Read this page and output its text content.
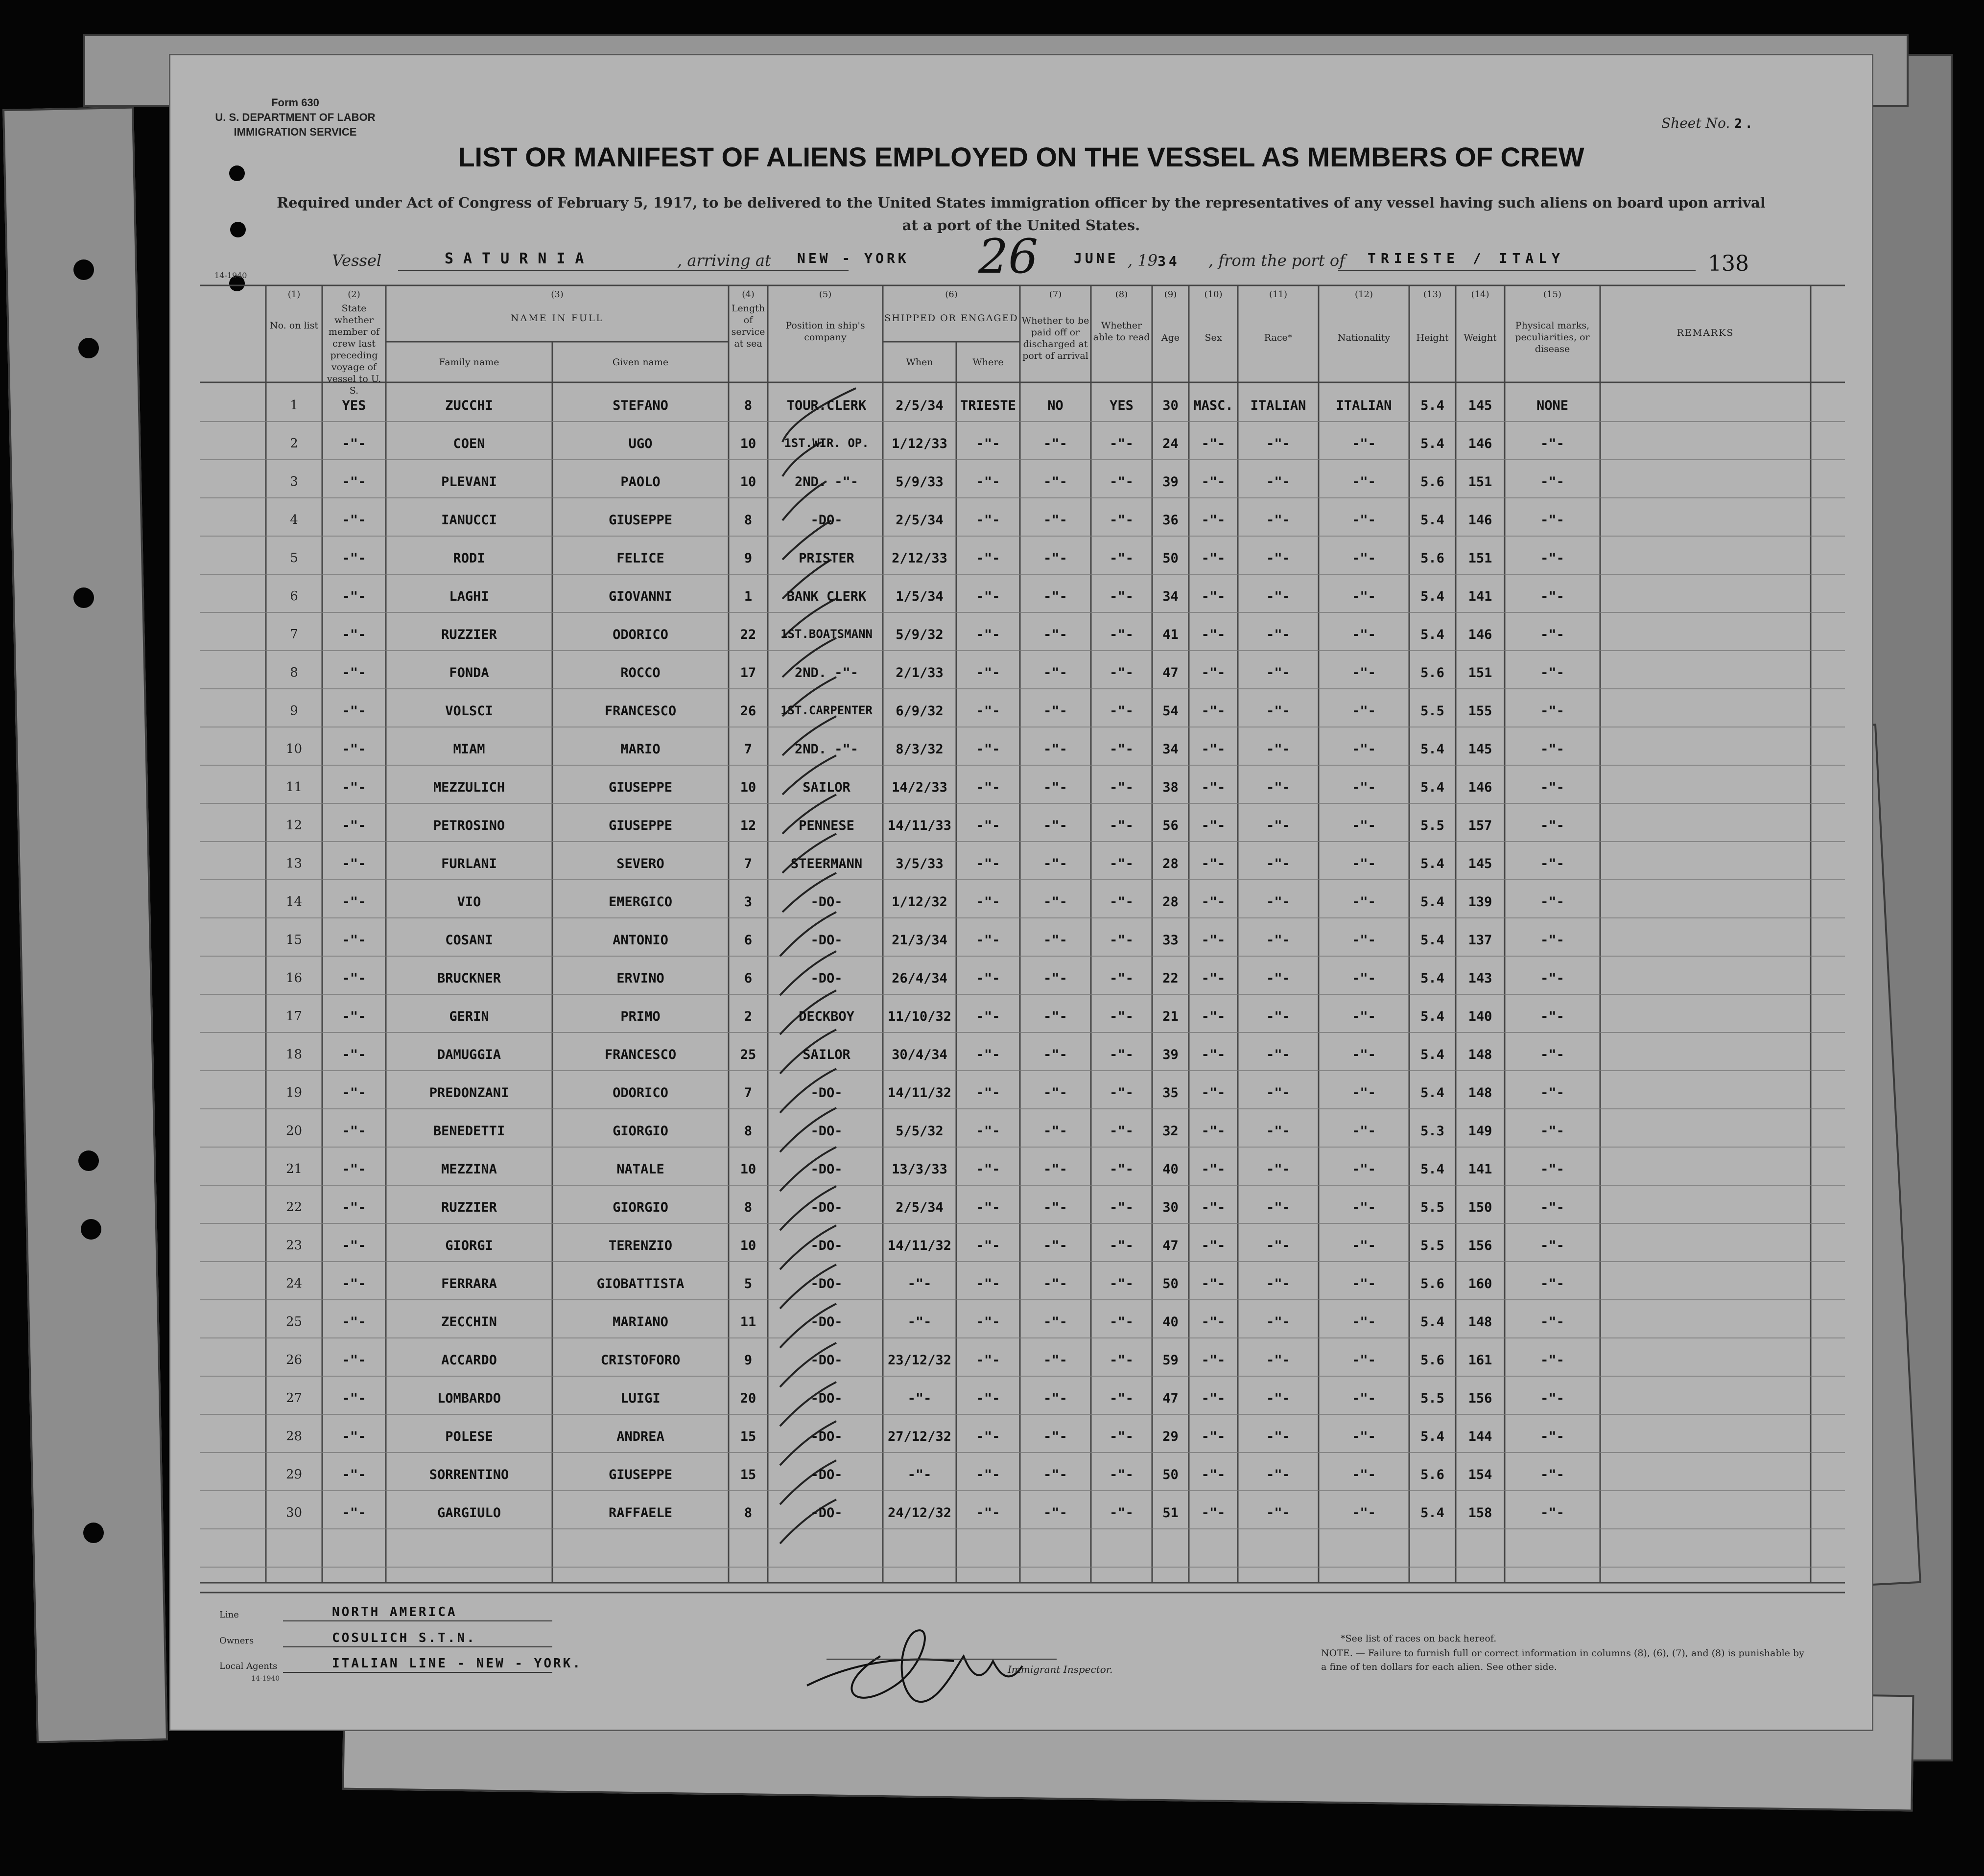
Form 630
U. S. DEPARTMENT OF LABOR
IMMIGRATION SERVICE
Sheet No. 2.
LIST OR MANIFEST OF ALIENS EMPLOYED ON THE VESSEL AS MEMBERS OF CREW
Required under Act of Congress of February 5, 1917, to be delivered to the United States immigration officer by the representatives of any vessel having such aliens on board upon arrival at a port of the United States.
14-1940
Vessel	SATURNIA	, arriving at NEW - YORK 26	JUNE , 1934 , from the port of TRIESTE / ITALY	138
(1)	(2)	(3)	(4)	(5)	(6)	(7)	(8)	(9)	(10)	(11)	(12)	(13)	(14)	(15)
No. on list
State whether member of crew last preceding voyage of vessel to U. S.
NAME IN FULL
Family name	Given name
Length of service at sea
Position in ship's company
SHIPPED OR ENGAGED
When	Where
Whether to be paid off or discharged at port of arrival
Whether able to read	Age	Sex	Race*	Nationality	Height	Weight
Physical marks, peculiarities, or disease
REMARKS
1	YES	ZUCCHI	STEFANO	8	TOUR.CLERK	2/5/34	TRIESTE	NO	YES	30	MASC.	ITALIAN	ITALIAN	5.4	145	NONE
2	-"-	COEN	UGO	10	1ST.WIR. OP.	1/12/33	-"-	-"-	-"-	24	-"-	-"-	-"-	5.4	146	-"-
3	-"-	PLEVANI	PAOLO	10	2ND. -"-	5/9/33	-"-	-"-	-"-	39	-"-	-"-	-"-	5.6	151	-"-
4	-"-	IANUCCI	GIUSEPPE	8	-DO-	2/5/34	-"-	-"-	-"-	36	-"-	-"-	-"-	5.4	146	-"-
5	-"-	RODI	FELICE	9	PRISTER	2/12/33	-"-	-"-	-"-	50	-"-	-"-	-"-	5.6	151	-"-
6	-"-	LAGHI	GIOVANNI	1	BANK CLERK	1/5/34	-"-	-"-	-"-	34	-"-	-"-	-"-	5.4	141	-"-
7	-"-	RUZZIER	ODORICO	22	1ST.BOATSMANN	5/9/32	-"-	-"-	-"-	41	-"-	-"-	-"-	5.4	146	-"-
8	-"-	FONDA	ROCCO	17	2ND. -"-	2/1/33	-"-	-"-	-"-	47	-"-	-"-	-"-	5.6	151	-"-
9	-"-	VOLSCI	FRANCESCO	26	1ST.CARPENTER	6/9/32	-"-	-"-	-"-	54	-"-	-"-	-"-	5.5	155	-"-
10	-"-	MIAM	MARIO	7	2ND. -"-	8/3/32	-"-	-"-	-"-	34	-"-	-"-	-"-	5.4	145	-"-
11	-"-	MEZZULICH	GIUSEPPE	10	SAILOR	14/2/33	-"-	-"-	-"-	38	-"-	-"-	-"-	5.4	146	-"-
12	-"-	PETROSINO	GIUSEPPE	12	PENNESE	14/11/33	-"-	-"-	-"-	56	-"-	-"-	-"-	5.5	157	-"-
13	-"-	FURLANI	SEVERO	7	STEERMANN	3/5/33	-"-	-"-	-"-	28	-"-	-"-	-"-	5.4	145	-"-
14	-"-	VIO	EMERGICO	3	-DO-	1/12/32	-"-	-"-	-"-	28	-"-	-"-	-"-	5.4	139	-"-
15	-"-	COSANI	ANTONIO	6	-DO-	21/3/34	-"-	-"-	-"-	33	-"-	-"-	-"-	5.4	137	-"-
16	-"-	BRUCKNER	ERVINO	6	-DO-	26/4/34	-"-	-"-	-"-	22	-"-	-"-	-"-	5.4	143	-"-
17	-"-	GERIN	PRIMO	2	DECKBOY	11/10/32	-"-	-"-	-"-	21	-"-	-"-	-"-	5.4	140	-"-
18	-"-	DAMUGGIA	FRANCESCO	25	SAILOR	30/4/34	-"-	-"-	-"-	39	-"-	-"-	-"-	5.4	148	-"-
19	-"-	PREDONZANI	ODORICO	7	-DO-	14/11/32	-"-	-"-	-"-	35	-"-	-"-	-"-	5.4	148	-"-
20	-"-	BENEDETTI	GIORGIO	8	-DO-	5/5/32	-"-	-"-	-"-	32	-"-	-"-	-"-	5.3	149	-"-
21	-"-	MEZZINA	NATALE	10	-DO-	13/3/33	-"-	-"-	-"-	40	-"-	-"-	-"-	5.4	141	-"-
22	-"-	RUZZIER	GIORGIO	8	-DO-	2/5/34	-"-	-"-	-"-	30	-"-	-"-	-"-	5.5	150	-"-
23	-"-	GIORGI	TERENZIO	10	-DO-	14/11/32	-"-	-"-	-"-	47	-"-	-"-	-"-	5.5	156	-"-
24	-"-	FERRARA	GIOBATTISTA	5	-DO-	-"-	-"-	-"-	-"-	50	-"-	-"-	-"-	5.6	160	-"-
25	-"-	ZECCHIN	MARIANO	11	-DO-	-"-	-"-	-"-	-"-	40	-"-	-"-	-"-	5.4	148	-"-
26	-"-	ACCARDO	CRISTOFORO	9	-DO-	23/12/32	-"-	-"-	-"-	59	-"-	-"-	-"-	5.6	161	-"-
27	-"-	LOMBARDO	LUIGI	20	-DO-	-"-	-"-	-"-	-"-	47	-"-	-"-	-"-	5.5	156	-"-
28	-"-	POLESE	ANDREA	15	-DO-	27/12/32	-"-	-"-	-"-	29	-"-	-"-	-"-	5.4	144	-"-
29	-"-	SORRENTINO	GIUSEPPE	15	-DO-	-"-	-"-	-"-	-"-	50	-"-	-"-	-"-	5.6	154	-"-
30	-"-	GARGIULO	RAFFAELE	8	-DO-	24/12/32	-"-	-"-	-"-	51	-"-	-"-	-"-	5.4	158	-"-
Line	NORTH AMERICA
Owners	COSULICH S.T.N.
Local Agents	ITALIAN LINE - NEW - YORK.
14-1940
Immigrant Inspector.
*See list of races on back hereof.
NOTE. — Failure to furnish full or correct information in columns (8), (6), (7), and (8) is punishable by a fine of ten dollars for each alien. See other side.
